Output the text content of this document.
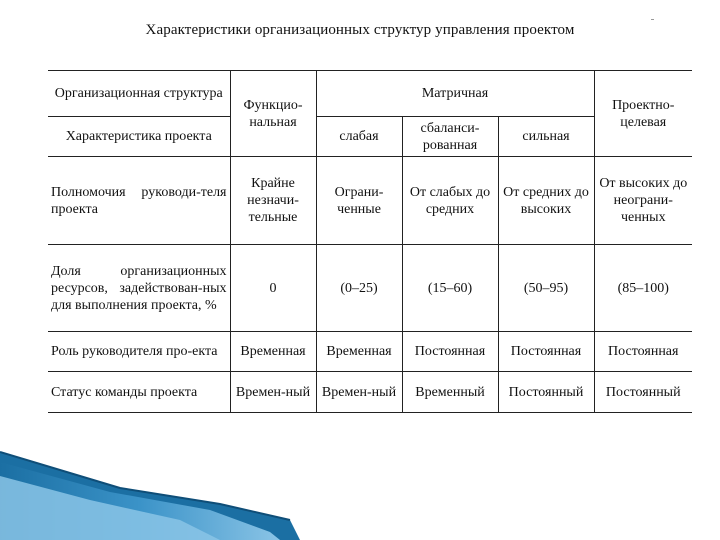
Характеристики организационных структур управления проектом
Организационная структура	Функцио-нальная	Матричная			Проектно-целевая
Характеристика проекта		слабая	сбаланси-рованная	сильная	
Полномочия руководи-теля проекта	Крайне незначи-тельные	Ограни-ченные	От слабых до средних	От средних до высоких	От высоких до неограни-ченных
Доля организационных ресурсов, задействован-ных для выполнения проекта, %	0	(0–25)	(15–60)	(50–95)	(85–100)
Роль руководителя про-екта	Временная	Временная	Постоянная	Постоянная	Постоянная
Статус команды проекта	Времен-ный	Времен-ный	Временный	Постоянный	Постоянный
